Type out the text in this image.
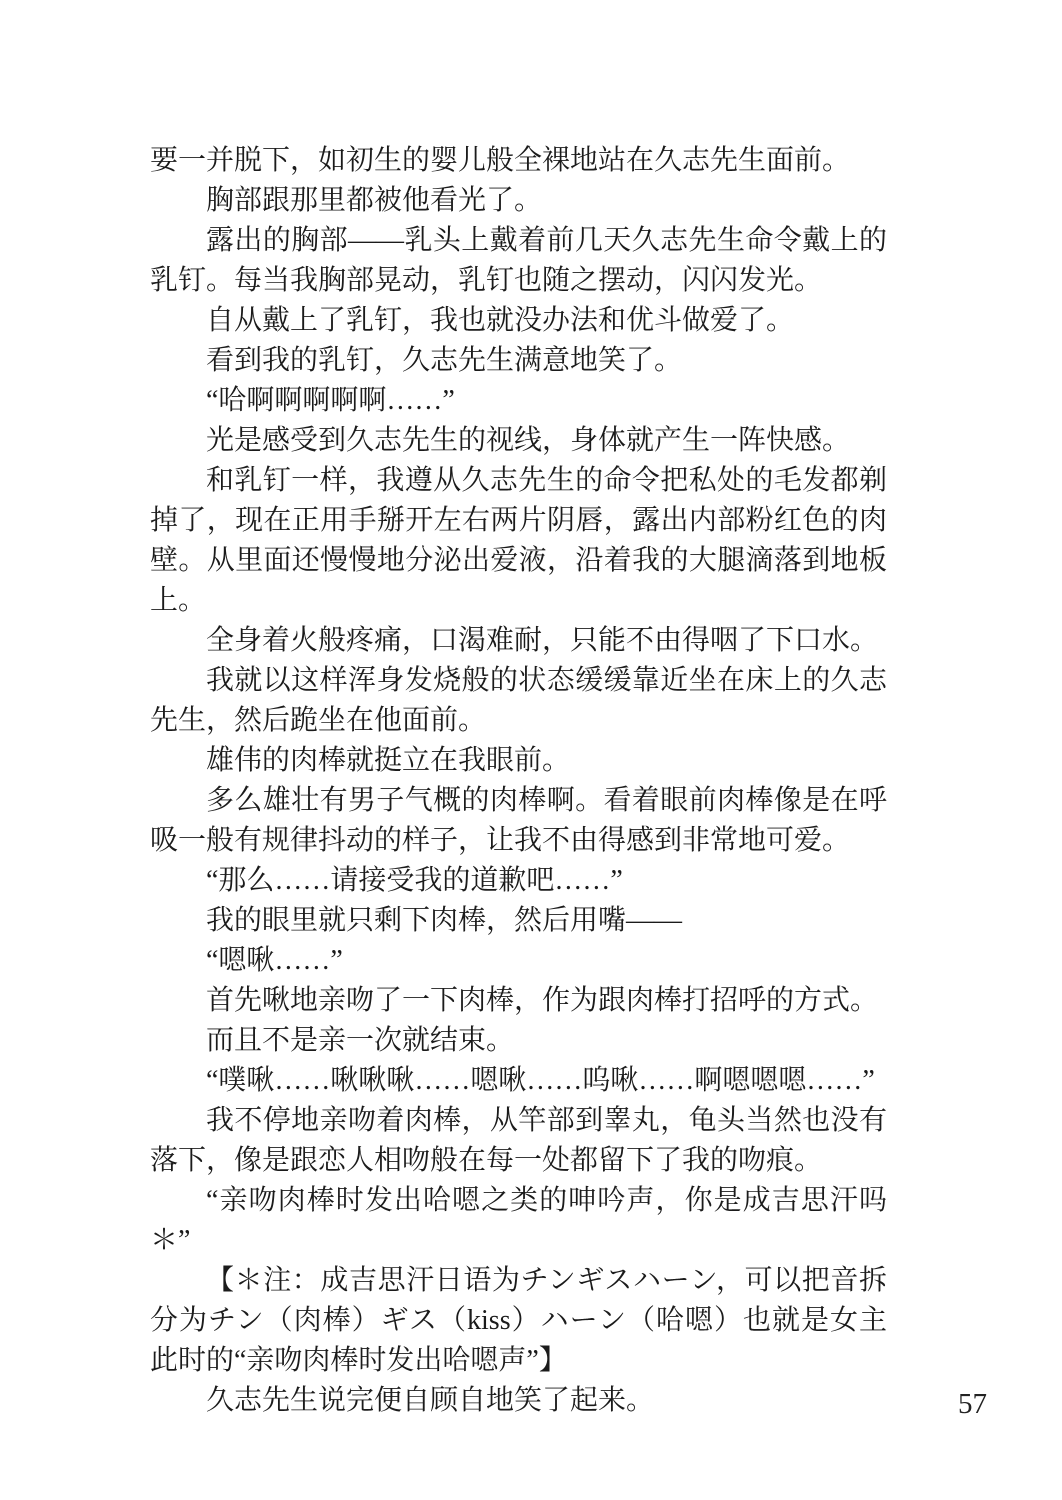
要一并脱下，如初生的婴儿般全裸地站在久志先生面前。

胸部跟那里都被他看光了。

露出的胸部——乳头上戴着前几天久志先生命令戴上的乳钉。每当我胸部晃动，乳钉也随之摆动，闪闪发光。

自从戴上了乳钉，我也就没办法和优斗做爱了。

看到我的乳钉，久志先生满意地笑了。

“哈啊啊啊啊啊……”

光是感受到久志先生的视线，身体就产生一阵快感。

和乳钉一样，我遵从久志先生的命令把私处的毛发都剃掉了，现在正用手掰开左右两片阴唇，露出内部粉红色的肉壁。从里面还慢慢地分泌出爱液，沿着我的大腿滴落到地板上。

全身着火般疼痛，口渴难耐，只能不由得咽了下口水。

我就以这样浑身发烧般的状态缓缓靠近坐在床上的久志先生，然后跪坐在他面前。

雄伟的肉棒就挺立在我眼前。

多么雄壮有男子气概的肉棒啊。看着眼前肉棒像是在呼吸一般有规律抖动的样子，让我不由得感到非常地可爱。

“那么……请接受我的道歉吧……”

我的眼里就只剩下肉棒，然后用嘴——

“嗯啾……”

首先啾地亲吻了一下肉棒，作为跟肉棒打招呼的方式。

而且不是亲一次就结束。

“噗啾……啾啾啾……嗯啾……呜啾……啊嗯嗯嗯……”

我不停地亲吻着肉棒，从竿部到睾丸，龟头当然也没有落下，像是跟恋人相吻般在每一处都留下了我的吻痕。

“亲吻肉棒时发出哈嗯之类的呻吟声，你是成吉思汗吗＊”

【＊注：成吉思汗日语为チンギスハーン，可以把音拆分为チン（肉棒）ギス（kiss）ハーン（哈嗯）也就是女主此时的“亲吻肉棒时发出哈嗯声”】

久志先生说完便自顾自地笑了起来。	57
